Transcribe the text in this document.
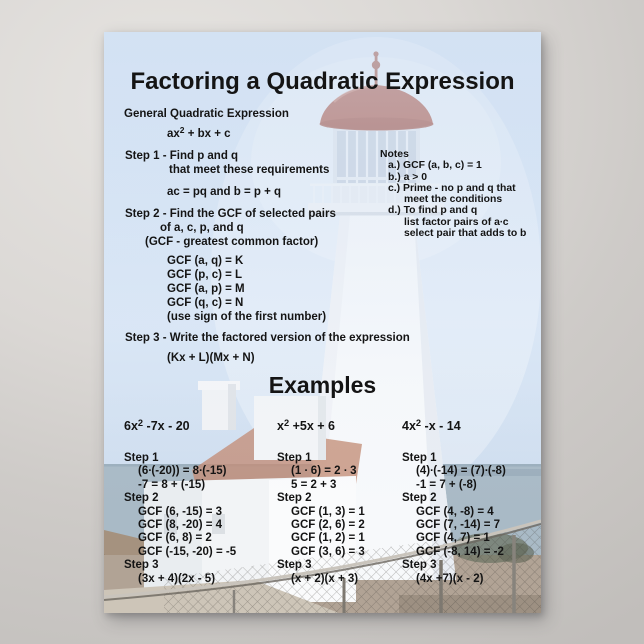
Factoring a Quadratic Expression
General Quadratic Expression
$ax^2$ + bx + c
Step 1 - Find p and q
that meet these requirements
ac = pq and b = p + q
Step 2 - Find the GCF of selected pairs
of a, c, p, and q
(GCF - greatest common factor)
GCF (a, q) = K
GCF (p, c) = L
GCF (a, p) = M
GCF (q, c) = N
(use sign of the first number)
Step 3 - Write the factored version of the expression
(Kx + L)(Mx + N)
Notes
a.) GCF (a, b, c) = 1
b.) a > 0
c.) Prime - no p and q that
meet the conditions
d.) To find p and q
list factor pairs of a∙c
select pair that adds to b
Examples
$6x^2$ -7x - 20
Step 1
(6∙(-20)) = 8∙(-15)
-7 = 8 + (-15)
Step 2
GCF (6, -15) = 3
GCF (8, -20) = 4
GCF (6, 8) = 2
GCF (-15, -20) = -5
Step 3
(3x + 4)(2x - 5)
$x^2 +5x + 6$
Step 1
(1 ∙ 6) = 2 ∙ 3
5 = 2 + 3
Step 2
GCF (1, 3) = 1
GCF (2, 6) = 2
GCF (1, 2) = 1
GCF (3, 6) = 3
Step 3
(x + 2)(x + 3)
$4x^2$ -x - 14
Step 1
(4)∙(-14) = (7)∙(-8)
-1 = 7 + (-8)
Step 2
GCF (4, -8) = 4
GCF (7, -14) = 7
GCF (4, 7) = 1
GCF (-8, 14) = -2
Step 3
(4x +7)(x - 2)
